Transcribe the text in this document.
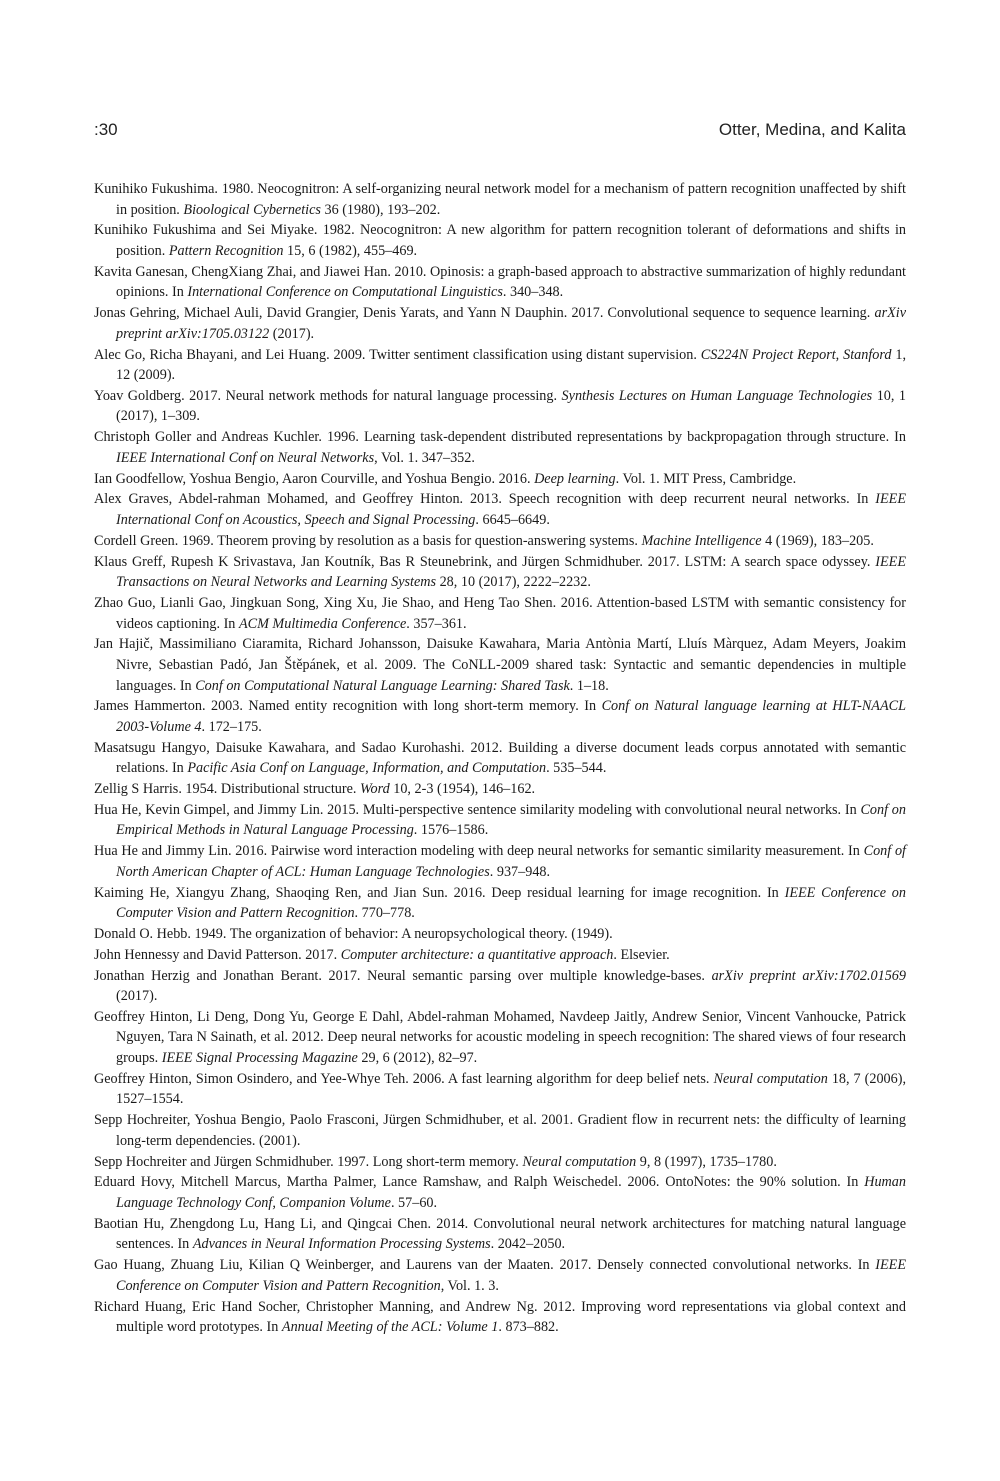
:30	Otter, Medina, and Kalita
Kunihiko Fukushima. 1980. Neocognitron: A self-organizing neural network model for a mechanism of pattern recognition unaffected by shift in position. Bioological Cybernetics 36 (1980), 193–202.
Kunihiko Fukushima and Sei Miyake. 1982. Neocognitron: A new algorithm for pattern recognition tolerant of deformations and shifts in position. Pattern Recognition 15, 6 (1982), 455–469.
Kavita Ganesan, ChengXiang Zhai, and Jiawei Han. 2010. Opinosis: a graph-based approach to abstractive summarization of highly redundant opinions. In International Conference on Computational Linguistics. 340–348.
Jonas Gehring, Michael Auli, David Grangier, Denis Yarats, and Yann N Dauphin. 2017. Convolutional sequence to sequence learning. arXiv preprint arXiv:1705.03122 (2017).
Alec Go, Richa Bhayani, and Lei Huang. 2009. Twitter sentiment classification using distant supervision. CS224N Project Report, Stanford 1, 12 (2009).
Yoav Goldberg. 2017. Neural network methods for natural language processing. Synthesis Lectures on Human Language Technologies 10, 1 (2017), 1–309.
Christoph Goller and Andreas Kuchler. 1996. Learning task-dependent distributed representations by backpropagation through structure. In IEEE International Conf on Neural Networks, Vol. 1. 347–352.
Ian Goodfellow, Yoshua Bengio, Aaron Courville, and Yoshua Bengio. 2016. Deep learning. Vol. 1. MIT Press, Cambridge.
Alex Graves, Abdel-rahman Mohamed, and Geoffrey Hinton. 2013. Speech recognition with deep recurrent neural networks. In IEEE International Conf on Acoustics, Speech and Signal Processing. 6645–6649.
Cordell Green. 1969. Theorem proving by resolution as a basis for question-answering systems. Machine Intelligence 4 (1969), 183–205.
Klaus Greff, Rupesh K Srivastava, Jan Koutník, Bas R Steunebrink, and Jürgen Schmidhuber. 2017. LSTM: A search space odyssey. IEEE Transactions on Neural Networks and Learning Systems 28, 10 (2017), 2222–2232.
Zhao Guo, Lianli Gao, Jingkuan Song, Xing Xu, Jie Shao, and Heng Tao Shen. 2016. Attention-based LSTM with semantic consistency for videos captioning. In ACM Multimedia Conference. 357–361.
Jan Hajič, Massimiliano Ciaramita, Richard Johansson, Daisuke Kawahara, Maria Antònia Martí, Lluís Màrquez, Adam Meyers, Joakim Nivre, Sebastian Padó, Jan Štěpánek, et al. 2009. The CoNLL-2009 shared task: Syntactic and semantic dependencies in multiple languages. In Conf on Computational Natural Language Learning: Shared Task. 1–18.
James Hammerton. 2003. Named entity recognition with long short-term memory. In Conf on Natural language learning at HLT-NAACL 2003-Volume 4. 172–175.
Masatsugu Hangyo, Daisuke Kawahara, and Sadao Kurohashi. 2012. Building a diverse document leads corpus annotated with semantic relations. In Pacific Asia Conf on Language, Information, and Computation. 535–544.
Zellig S Harris. 1954. Distributional structure. Word 10, 2-3 (1954), 146–162.
Hua He, Kevin Gimpel, and Jimmy Lin. 2015. Multi-perspective sentence similarity modeling with convolutional neural networks. In Conf on Empirical Methods in Natural Language Processing. 1576–1586.
Hua He and Jimmy Lin. 2016. Pairwise word interaction modeling with deep neural networks for semantic similarity measurement. In Conf of North American Chapter of ACL: Human Language Technologies. 937–948.
Kaiming He, Xiangyu Zhang, Shaoqing Ren, and Jian Sun. 2016. Deep residual learning for image recognition. In IEEE Conference on Computer Vision and Pattern Recognition. 770–778.
Donald O. Hebb. 1949. The organization of behavior: A neuropsychological theory. (1949).
John Hennessy and David Patterson. 2017. Computer architecture: a quantitative approach. Elsevier.
Jonathan Herzig and Jonathan Berant. 2017. Neural semantic parsing over multiple knowledge-bases. arXiv preprint arXiv:1702.01569 (2017).
Geoffrey Hinton, Li Deng, Dong Yu, George E Dahl, Abdel-rahman Mohamed, Navdeep Jaitly, Andrew Senior, Vincent Vanhoucke, Patrick Nguyen, Tara N Sainath, et al. 2012. Deep neural networks for acoustic modeling in speech recognition: The shared views of four research groups. IEEE Signal Processing Magazine 29, 6 (2012), 82–97.
Geoffrey Hinton, Simon Osindero, and Yee-Whye Teh. 2006. A fast learning algorithm for deep belief nets. Neural computation 18, 7 (2006), 1527–1554.
Sepp Hochreiter, Yoshua Bengio, Paolo Frasconi, Jürgen Schmidhuber, et al. 2001. Gradient flow in recurrent nets: the difficulty of learning long-term dependencies. (2001).
Sepp Hochreiter and Jürgen Schmidhuber. 1997. Long short-term memory. Neural computation 9, 8 (1997), 1735–1780.
Eduard Hovy, Mitchell Marcus, Martha Palmer, Lance Ramshaw, and Ralph Weischedel. 2006. OntoNotes: the 90% solution. In Human Language Technology Conf, Companion Volume. 57–60.
Baotian Hu, Zhengdong Lu, Hang Li, and Qingcai Chen. 2014. Convolutional neural network architectures for matching natural language sentences. In Advances in Neural Information Processing Systems. 2042–2050.
Gao Huang, Zhuang Liu, Kilian Q Weinberger, and Laurens van der Maaten. 2017. Densely connected convolutional networks. In IEEE Conference on Computer Vision and Pattern Recognition, Vol. 1. 3.
Richard Huang, Eric Hand Socher, Christopher Manning, and Andrew Ng. 2012. Improving word representations via global context and multiple word prototypes. In Annual Meeting of the ACL: Volume 1. 873–882.
